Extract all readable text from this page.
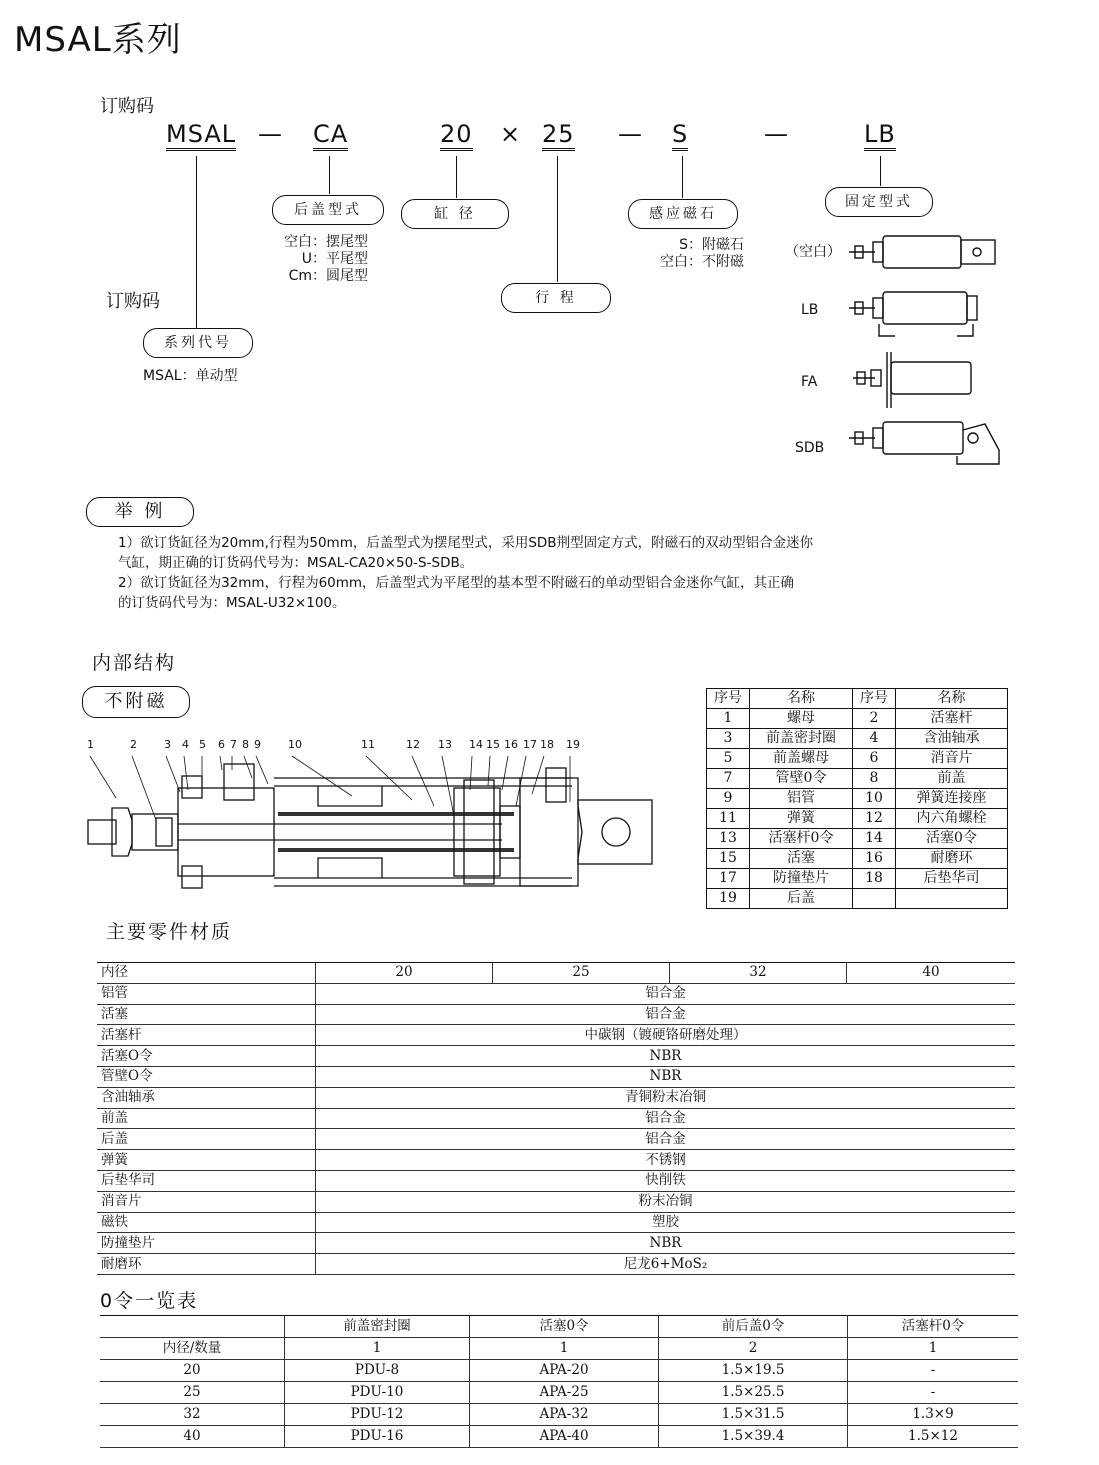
MSAL系列
订购码
MSAL — CA	20 × 25 — S	—	LB
后盖型式	缸 径	感应磁石
固定型式
行 程
系列代号
空白：摆尾型
U：平尾型
Cm：圆尾型
S：附磁石
空白：不附磁
订购码
MSAL：单动型
（空白）
LB
FA
SDB
举 例
1）欲订货缸径为20mm,行程为50mm，后盖型式为摆尾型式，采用SDB荆型固定方式，附磁石的双动型铝合金迷你
气缸，期正确的订货码代号为：MSAL-CA20×50-S-SDB。
2）欲订货缸径为32mm，行程为60mm，后盖型式为平尾型的基本型不附磁石的单动型铝合金迷你气缸，其正确
的订货码代号为：MSAL-U32×100。
内部结构
不附磁
1	2 3 4 5 6 7 8 9 10	11	12 13 14 15 16 17 18 19
序号	名称	序号	名称
1	螺母	2	活塞杆
3	前盖密封圈	4	含油轴承
5	前盖螺母	6	消音片
7	管壁0令	8	前盖
9	铝管	10	弹簧连接座
11	弹簧	12	内六角螺栓
13	活塞杆0令	14	活塞0令
15	活塞	16	耐磨环
17	防撞垫片	18	后垫华司
19	后盖		
主要零件材质
内径	20	25	32	40
铝管	铝合金			
活塞	铝合金			
活塞杆	中碳钢（镀硬铬研磨处理）			
活塞O令	NBR			
管壁O令	NBR			
含油轴承	青铜粉末冶铜			
前盖	铝合金			
后盖	铝合金			
弹簧	不锈钢			
后垫华司	快削铁			
消音片	粉末冶铜			
磁铁	塑胶			
防撞垫片	NBR			
耐磨环	尼龙6+MoS₂			
0令一览表
	前盖密封圈	活塞0令	前后盖0令	活塞杆0令
内径/数量	1	1	2	1
20	PDU-8	APA-20	1.5×19.5	-
25	PDU-10	APA-25	1.5×25.5	-
32	PDU-12	APA-32	1.5×31.5	1.3×9
40	PDU-16	APA-40	1.5×39.4	1.5×12
